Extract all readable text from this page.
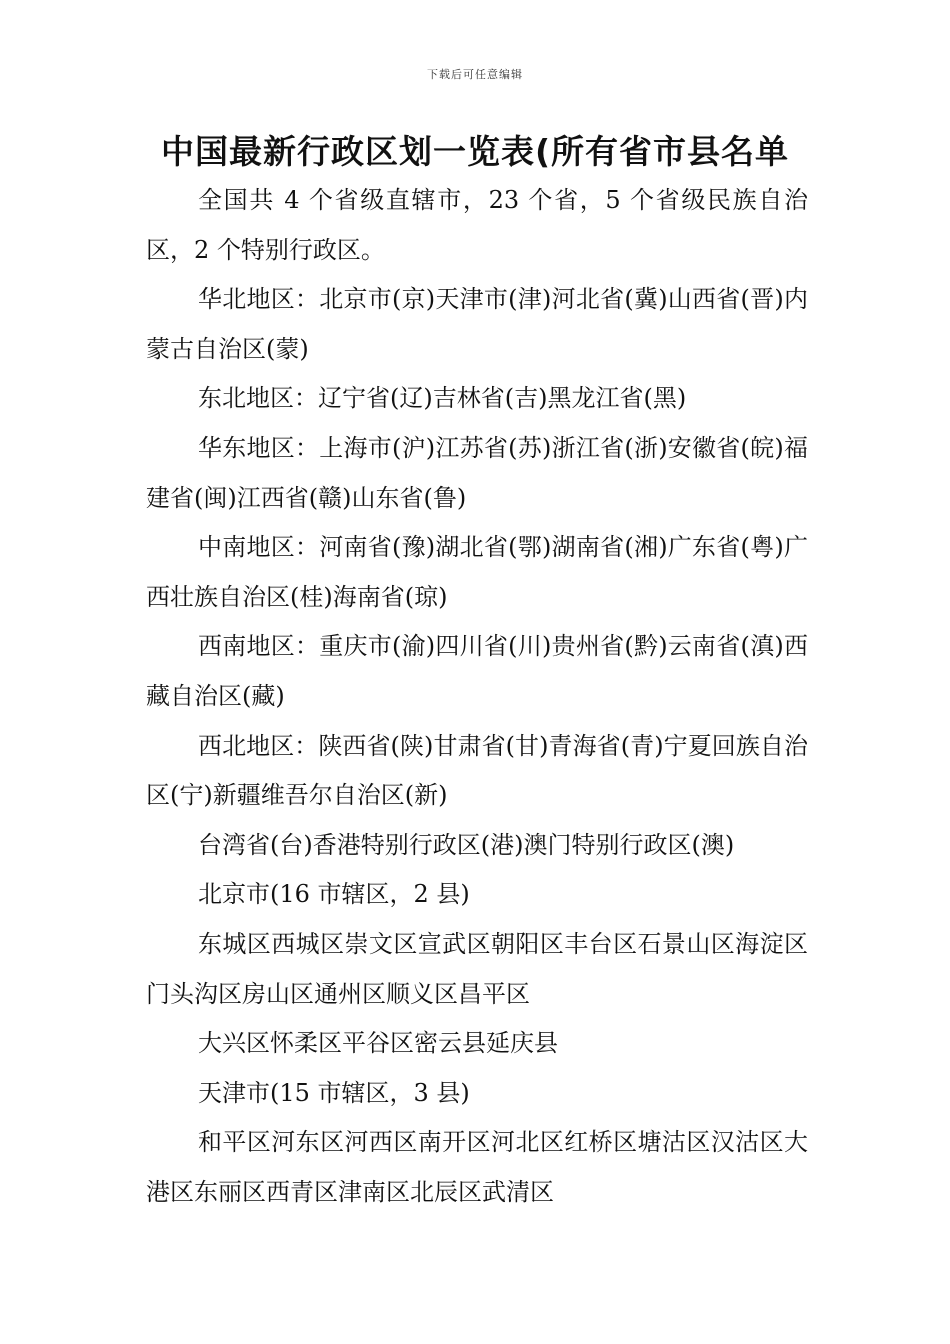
下载后可任意编辑
中国最新行政区划一览表(所有省市县名单

全国共 4 个省级直辖市，23 个省，5 个省级民族自治区，2 个特别行政区。

华北地区：北京市(京)天津市(津)河北省(冀)山西省(晋)内蒙古自治区(蒙)

东北地区：辽宁省(辽)吉林省(吉)黑龙江省(黑)

华东地区：上海市(沪)江苏省(苏)浙江省(浙)安徽省(皖)福建省(闽)江西省(赣)山东省(鲁)

中南地区：河南省(豫)湖北省(鄂)湖南省(湘)广东省(粤)广西壮族自治区(桂)海南省(琼)

西南地区：重庆市(渝)四川省(川)贵州省(黔)云南省(滇)西藏自治区(藏)

西北地区：陕西省(陕)甘肃省(甘)青海省(青)宁夏回族自治区(宁)新疆维吾尔自治区(新)

台湾省(台)香港特别行政区(港)澳门特别行政区(澳)

北京市(16 市辖区，2 县)

东城区西城区崇文区宣武区朝阳区丰台区石景山区海淀区门头沟区房山区通州区顺义区昌平区

大兴区怀柔区平谷区密云县延庆县

天津市(15 市辖区，3 县)

和平区河东区河西区南开区河北区红桥区塘沽区汉沽区大港区东丽区西青区津南区北辰区武清区
